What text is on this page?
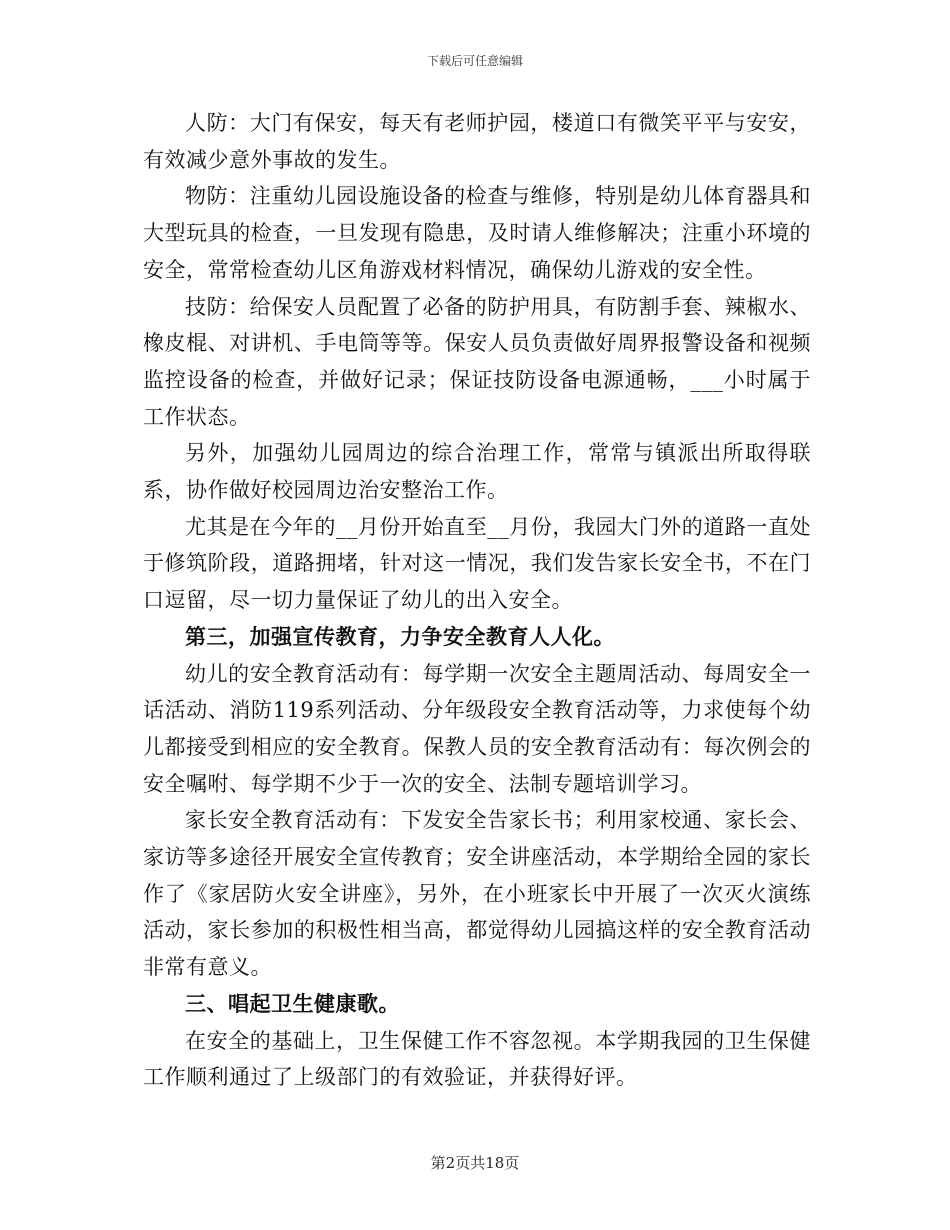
下载后可任意编辑

人防：大门有保安，每天有老师护园，楼道口有微笑平平与安安，有效减少意外事故的发生。

物防：注重幼儿园设施设备的检查与维修，特别是幼儿体育器具和大型玩具的检查，一旦发现有隐患，及时请人维修解决；注重小环境的安全，常常检查幼儿区角游戏材料情况，确保幼儿游戏的安全性。

技防：给保安人员配置了必备的防护用具，有防割手套、辣椒水、橡皮棍、对讲机、手电筒等等。保安人员负责做好周界报警设备和视频监控设备的检查，并做好记录；保证技防设备电源通畅，___小时属于工作状态。

另外，加强幼儿园周边的综合治理工作，常常与镇派出所取得联系，协作做好校园周边治安整治工作。

尤其是在今年的__月份开始直至__月份，我园大门外的道路一直处于修筑阶段，道路拥堵，针对这一情况，我们发告家长安全书，不在门口逗留，尽一切力量保证了幼儿的出入安全。

第三，加强宣传教育，力争安全教育人人化。

幼儿的安全教育活动有：每学期一次安全主题周活动、每周安全一话活动、消防119系列活动、分年级段安全教育活动等，力求使每个幼儿都接受到相应的安全教育。保教人员的安全教育活动有：每次例会的安全嘱咐、每学期不少于一次的安全、法制专题培训学习。

家长安全教育活动有：下发安全告家长书；利用家校通、家长会、家访等多途径开展安全宣传教育；安全讲座活动，本学期给全园的家长作了《家居防火安全讲座》，另外，在小班家长中开展了一次灭火演练活动，家长参加的积极性相当高，都觉得幼儿园搞这样的安全教育活动非常有意义。

三、唱起卫生健康歌。

在安全的基础上，卫生保健工作不容忽视。本学期我园的卫生保健工作顺利通过了上级部门的有效验证，并获得好评。

第2页共18页
